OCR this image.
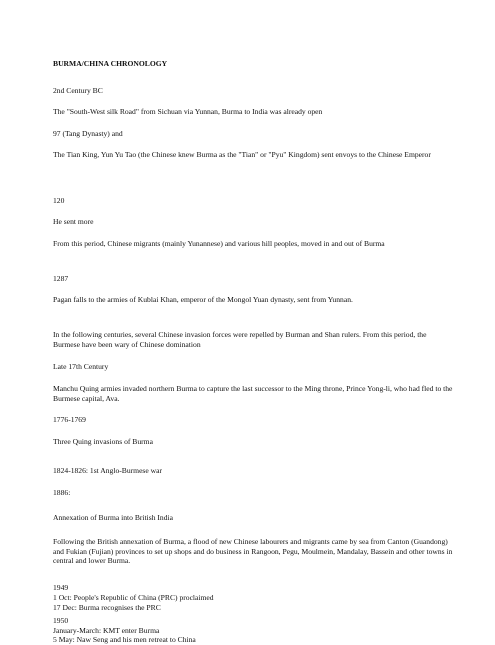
BURMA/CHINA CHRONOLOGY

2nd Century BC

The "South-West silk Road" from Sichuan via Yunnan, Burma to India was already open

97 (Tang Dynasty) and

The Tian King, Yun Yu Tao (the Chinese knew Burma as the "Tian" or "Pyu" Kingdom) sent envoys to the Chinese Emperor

120

He sent more

From this period, Chinese migrants (mainly Yunannese) and various hill peoples, moved in and out of Burma

1287

Pagan falls to the armies of Kublai Khan, emperor of the Mongol Yuan dynasty, sent from Yunnan.

In the following centuries, several Chinese invasion forces were repelled by Burman and Shan rulers. From this period, the Burmese have been wary of Chinese domination

Late 17th Century

Manchu Quing armies invaded northern Burma to capture the last successor to the Ming throne, Prince Yong-li, who had fled to the Burmese capital, Ava.

1776-1769

Three Quing invasions of Burma

1824-1826: 1st Anglo-Burmese war

1886:

Annexation of Burma into British India

Following the British annexation of Burma, a flood of new Chinese labourers and migrants came by sea from Canton (Guandong) and Fukian (Fujian) provinces to set up shops and do business in Rangoon, Pegu, Moulmein, Mandalay, Bassein and other towns in central and lower Burma.

1949

1 Oct: People's Republic of China (PRC) proclaimed

17 Dec: Burma recognises the PRC

1950

January-March: KMT enter Burma

5 May: Naw Seng and his men retreat to China
